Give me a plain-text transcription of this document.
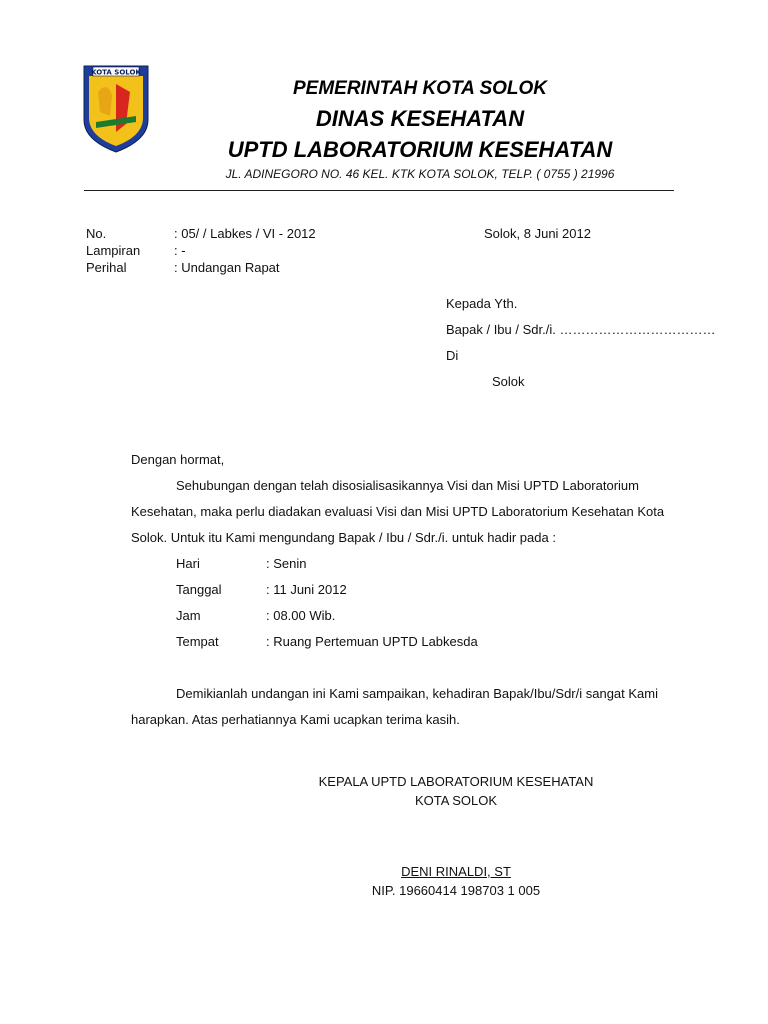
KOTA SOLOK
PEMERINTAH KOTA SOLOK
DINAS KESEHATAN
UPTD LABORATORIUM KESEHATAN
JL. ADINEGORO NO. 46 KEL. KTK KOTA SOLOK, TELP. ( 0755 ) 21996
No.	: 05/ / Labkes / VI - 2012
Lampiran	: -
Perihal	: Undangan Rapat
Solok, 8 Juni 2012
Kepada Yth.
Bapak / Ibu / Sdr./i. ………………………………
Di
Solok
Dengan hormat,
Sehubungan dengan telah disosialisasikannya Visi dan Misi UPTD Laboratorium
Kesehatan, maka perlu diadakan evaluasi Visi dan Misi UPTD Laboratorium Kesehatan Kota
Solok. Untuk itu Kami mengundang Bapak / Ibu / Sdr./i. untuk hadir pada :
Hari	: Senin
Tanggal	: 11 Juni 2012
Jam	: 08.00 Wib.
Tempat	: Ruang Pertemuan UPTD Labkesda
Demikianlah undangan ini Kami sampaikan, kehadiran Bapak/Ibu/Sdr/i sangat Kami
harapkan. Atas perhatiannya Kami ucapkan terima kasih.
KEPALA UPTD LABORATORIUM KESEHATAN
KOTA SOLOK
DENI RINALDI, ST
NIP. 19660414 198703 1 005
